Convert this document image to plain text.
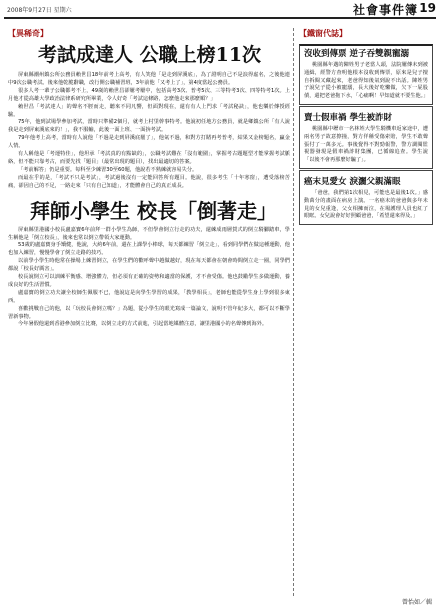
2008年9月27日 星期六	社會事件簿 19
【異稀奇】
考試成達人 公職上榜11次

屏東縣潮州鎮公所公務員賴世昌18年前考上高考，有人笑他「是走到屏溪底」，為了證明自己不是浪得虛名，之後他連中9次公職考試。後來他乾脆辭職，改行開公職補習班，3年前他「又考上了」，第4度當起公務員。

很多人考一輩子公職都考不上，49歲的賴世昌卻屢考屢中，包括高考3次、普考5次、三等特考3次、四等特考1次。上月他才從高雄大學政治法律系研究所畢業，令人好奇「考試這條路，怎麼他走來那麼順？」

賴世昌「考試達人」的聲名不脛而走，聽來不同凡響，但面對現在，還有有人上門求「考試秘訣」，他也樂於傳授經驗。

75年，他到試場學參加考試，當時只準備2個月，就考上村里幹事特考。他說初任地方公務員，就是鄉鎮公所「有人說我是走到屏東溪底來的！」，我不服輸，此後一面上班、一面拚考試。

79年他考上高考，當時有人說他「不過是走到屏溪底罷了」，他氣不過，和對方打賭再考普考，結果又金榜題名，贏金人情。

有人稱他是「考運特佳」，他坦承「考試真的有點缺的」，公職考試難在「沒有範圍」，掌握考古題題型才能掌握考試脈絡，但不能只靠考古，而要先找「題目」（最常出現的題目），找出最適切的答案。

「考前解答」仍是重要。每科至少練習30至60題，他說若不熟練就容易失分。

而最在乎的是，「考試不只是考試」，考試過後沒有一定能回答所有題目。他說，很多考生「十年寒窗」，遭受落榜苦痛，卻因自己的不足，一路走來「只有自己知道」，才能體會自己的真正成長。

拜師小學生 校長「倒著走」

屏東縣里港國小校長盧嘉寶6年前拜一群小學生為師，不但學會倒立行走的功夫，還練成雨層賀式的倒立騎腳踏車，學生稱他是「倒立校長」，後來也常以倒立帶領大家運動。

53歲的盧嘉寶身手矯健，他說，大約6年前，還在上課學小棒球，每天都練習「倒立走」，看到同學們在做這種運動，他也加入練習，慢慢學會了倒立走路的技巧。

以前學小學生時他常在操場上練習倒立，在學生們的歡呼聲中越做越好，現在每天都會在朝會時間倒立走一圈，同學們都說「校長好厲害」。

校長說倒立可以訓練平衡感、增強體力，但必須有正確的姿勢和適當的保護，才不會受傷。他也鼓勵學生多做運動，養成良好的生活習慣。

盧嘉寶的倒立功夫讓全校師生佩服不已，他說這是向學生學習的成果，「教學相長」，老師也能從學生身上學到很多東西。

喜歡挑戰自己的他，以「玩校長會倒立嗎？」為題，從小學生的眼光寫成一篇論文，說明不管年紀多大，都可以不斷學習新事物。

今年暑假他還到香港參加倒立比賽，以倒立走的方式前進，引起當地媒體注意，讓里港國小的名聲傳到海外。

【鐵窗代誌】
沒收到傳票 逆子吞雙親寵溺
桃園縣年邁的陳姓男子老當人頭，法院屢傳未到被通緝，經警方查明他根本沒收到傳票，原來是兒子擅自拆閱又藏起來，老爸得知後氣到說不出話。陳姓男子說兒子從小被寵溺，長大後好吃懶做，欠下一屁股債，還把老爸拖下水，「心痛啊！早知道就不要生他。」
賣士假車禍 學生被詐財
桃園縣中壢市一名林姓大學生騎機車返家途中，遭兩名男子故意擦撞，對方佯稱受傷索賠，學生不敢聲張付了一萬多元。事後覺得不對勁報警，警方調閱監視器發現是假車禍詐財集團，已循線追查。學生說「以後不會再那麼好騙了」。
癌末見愛女 淚灑父親滿眼
「爸爸，我們第1次相見，可能也是最後1次。」感動萬分的畫面在病房上演。一名癌末的爸爸與多年未見的女兒重逢，父女相擁而泣，在場護理人員也紅了眼眶。女兒說會好好照顧爸爸，「希望還來得及。」
曾怡如／輯
